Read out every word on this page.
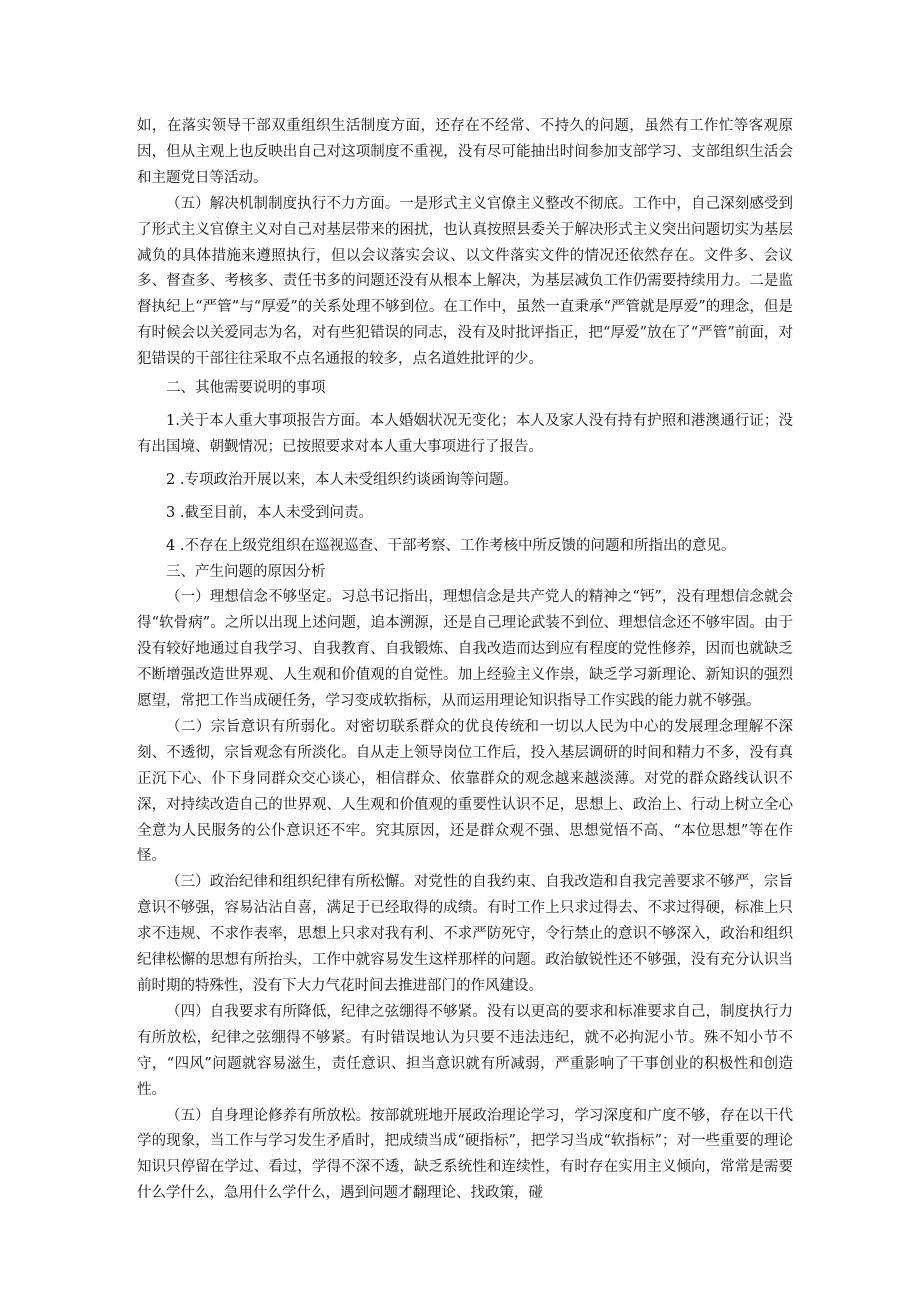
如，在落实领导干部双重组织生活制度方面，还存在不经常、不持久的问题，虽然有工作忙等客观原因，但从主观上也反映出自己对这项制度不重视，没有尽可能抽出时间参加支部学习、支部组织生活会和主题党日等活动。

（五）解决机制制度执行不力方面。一是形式主义官僚主义整改不彻底。工作中，自己深刻感受到了形式主义官僚主义对自己对基层带来的困扰，也认真按照县委关于解决形式主义突出问题切实为基层减负的具体措施来遵照执行，但以会议落实会议、以文件落实文件的情况还依然存在。文件多、会议多、督查多、考核多、责任书多的问题还没有从根本上解决，为基层减负工作仍需要持续用力。二是监督执纪上“严管”与“厚爱”的关系处理不够到位。在工作中，虽然一直秉承“严管就是厚爱”的理念，但是有时候会以关爱同志为名，对有些犯错误的同志，没有及时批评指正，把“厚爱”放在了“严管”前面，对犯错误的干部往往采取不点名通报的较多，点名道姓批评的少。

二、其他需要说明的事项

1.关于本人重大事项报告方面。本人婚姻状况无变化；本人及家人没有持有护照和港澳通行证；没有出国境、朝觐情况；已按照要求对本人重大事项进行了报告。

2 .专项政治开展以来，本人未受组织约谈函询等问题。

3 .截至目前，本人未受到问责。

4 .不存在上级党组织在巡视巡查、干部考察、工作考核中所反馈的问题和所指出的意见。

三、产生问题的原因分析

（一）理想信念不够坚定。习总书记指出，理想信念是共产党人的精神之“钙”，没有理想信念就会得“软骨病”。之所以出现上述问题，追本溯源，还是自己理论武装不到位、理想信念还不够牢固。由于没有较好地通过自我学习、自我教育、自我锻炼、自我改造而达到应有程度的党性修养，因而也就缺乏不断增强改造世界观、人生观和价值观的自觉性。加上经验主义作祟，缺乏学习新理论、新知识的强烈愿望，常把工作当成硬任务，学习变成软指标，从而运用理论知识指导工作实践的能力就不够强。

（二）宗旨意识有所弱化。对密切联系群众的优良传统和一切以人民为中心的发展理念理解不深刻、不透彻，宗旨观念有所淡化。自从走上领导岗位工作后，投入基层调研的时间和精力不多，没有真正沉下心、仆下身同群众交心谈心，相信群众、依靠群众的观念越来越淡薄。对党的群众路线认识不深，对持续改造自己的世界观、人生观和价值观的重要性认识不足，思想上、政治上、行动上树立全心全意为人民服务的公仆意识还不牢。究其原因，还是群众观不强、思想觉悟不高、“本位思想”等在作怪。

（三）政治纪律和组织纪律有所松懈。对党性的自我约束、自我改造和自我完善要求不够严，宗旨意识不够强，容易沾沾自喜，满足于已经取得的成绩。有时工作上只求过得去、不求过得硬，标准上只求不违规、不求作表率，思想上只求对我有利、不求严防死守，令行禁止的意识不够深入，政治和组织纪律松懈的思想有所抬头，工作中就容易发生这样那样的问题。政治敏锐性还不够强，没有充分认识当前时期的特殊性，没有下大力气花时间去推进部门的作风建设。

（四）自我要求有所降低，纪律之弦绷得不够紧。没有以更高的要求和标准要求自己，制度执行力有所放松，纪律之弦绷得不够紧。有时错误地认为只要不违法违纪，就不必拘泥小节。殊不知小节不守，“四风”问题就容易滋生，责任意识、担当意识就有所减弱，严重影响了干事创业的积极性和创造性。

（五）自身理论修养有所放松。按部就班地开展政治理论学习，学习深度和广度不够，存在以干代学的现象，当工作与学习发生矛盾时，把成绩当成“硬指标”，把学习当成“软指标”；对一些重要的理论知识只停留在学过、看过，学得不深不透，缺乏系统性和连续性，有时存在实用主义倾向，常常是需要什么学什么，急用什么学什么，遇到问题才翻理论、找政策，碰
